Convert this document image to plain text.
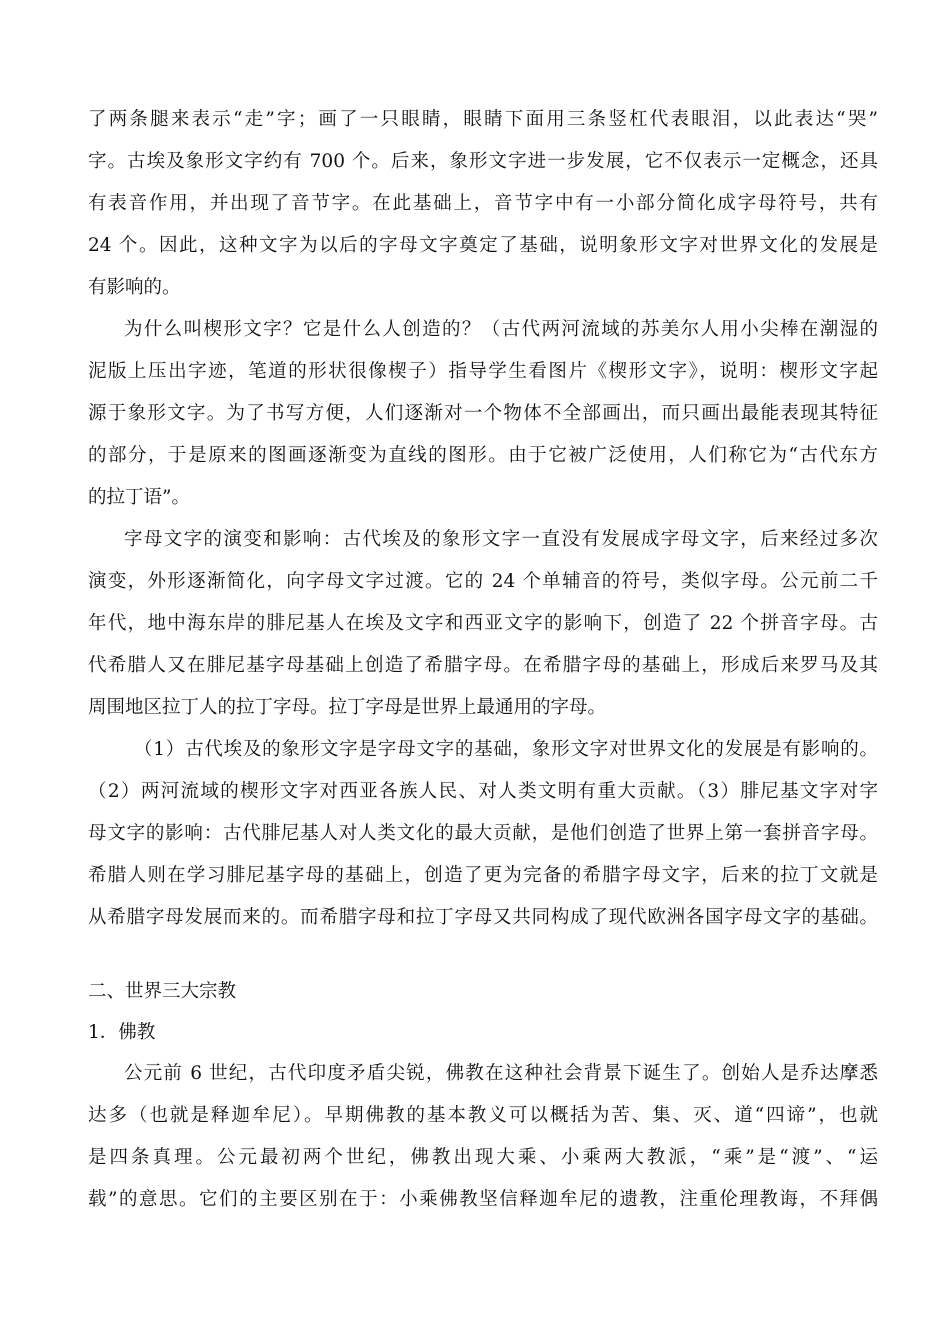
了两条腿来表示“走”字；画了一只眼睛，眼睛下面用三条竖杠代表眼泪，以此表达“哭”
字。古埃及象形文字约有 700 个。后来，象形文字进一步发展，它不仅表示一定概念，还具
有表音作用，并出现了音节字。在此基础上，音节字中有一小部分简化成字母符号，共有
24 个。因此，这种文字为以后的字母文字奠定了基础，说明象形文字对世界文化的发展是
有影响的。
为什么叫楔形文字？它是什么人创造的？（古代两河流域的苏美尔人用小尖棒在潮湿的
泥版上压出字迹，笔道的形状很像楔子）指导学生看图片《楔形文字》，说明：楔形文字起
源于象形文字。为了书写方便，人们逐渐对一个物体不全部画出，而只画出最能表现其特征
的部分，于是原来的图画逐渐变为直线的图形。由于它被广泛使用，人们称它为“古代东方
的拉丁语”。
字母文字的演变和影响：古代埃及的象形文字一直没有发展成字母文字，后来经过多次
演变，外形逐渐简化，向字母文字过渡。它的 24 个单辅音的符号，类似字母。公元前二千
年代，地中海东岸的腓尼基人在埃及文字和西亚文字的影响下，创造了 22 个拼音字母。古
代希腊人又在腓尼基字母基础上创造了希腊字母。在希腊字母的基础上，形成后来罗马及其
周围地区拉丁人的拉丁字母。拉丁字母是世界上最通用的字母。
（1）古代埃及的象形文字是字母文字的基础，象形文字对世界文化的发展是有影响的。
（2）两河流域的楔形文字对西亚各族人民、对人类文明有重大贡献。（3）腓尼基文字对字
母文字的影响：古代腓尼基人对人类文化的最大贡献，是他们创造了世界上第一套拼音字母。
希腊人则在学习腓尼基字母的基础上，创造了更为完备的希腊字母文字，后来的拉丁文就是
从希腊字母发展而来的。而希腊字母和拉丁字母又共同构成了现代欧洲各国字母文字的基础。
二、世界三大宗教
1．佛教
公元前 6 世纪，古代印度矛盾尖锐，佛教在这种社会背景下诞生了。创始人是乔达摩悉
达多（也就是释迦牟尼）。早期佛教的基本教义可以概括为苦、集、灭、道“四谛”，也就
是四条真理。公元最初两个世纪，佛教出现大乘、小乘两大教派，“乘”是“渡”、“运
载”的意思。它们的主要区别在于：小乘佛教坚信释迦牟尼的遗教，注重伦理教诲，不拜偶
